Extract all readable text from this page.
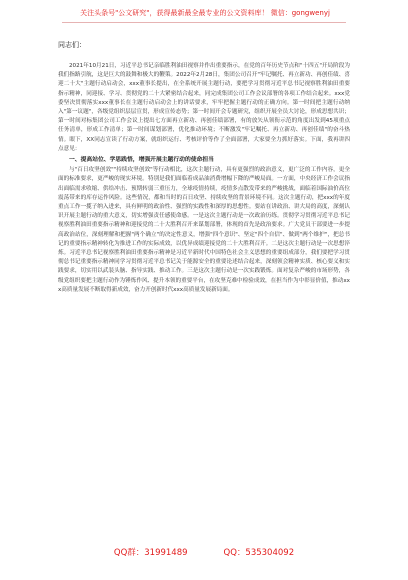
关注头条号"公文研究"，获得最新最全最专业的公文资料库！ 微信：gongwenyj
同志们：

2021年10月21日，习近平总书记亲临胜利油田视察并作出重要指示，在党的百年历史节点和"十四五"开局阶段为我们指路引航，这是巨大的鼓舞和极大的鞭策。2022年2月28日，集团公司召开"牢记嘱托、再立新功、再创佳绩、喜迎二十大"主题行动启动会，xxx董事长提出，在全系统开展主题行动，要把学习贯彻习近平总书记视察胜利油田重要指示精神，同迎接、学习、贯彻党的二十大紧密结合起来，同完成集团公司工作会议部署的各项工作结合起来。xxx党委坚决贯彻落实xxx董事长在主题行动启动会上的讲话要求，牢牢把握主题行动的正确方向。第一时间把主题行动纳入"第一议题"，各级党组织层层宣贯，形成宣传态势；第一时间开会专题研究，组织开展全员大讨论，形成思想共识；第一时间对标集团公司工作会议上提出七方面再立新功、再创佳绩部署，有的放矢从领衔示范的角度出发到45项重点任务清单，形成工作清单；第一时间谋划部署，优化推动环境；不断激发"牢记嘱托、再立新功、再创佳绩"的奋斗热情。眼下，XX同志宣读了行动方案，就组织运行、考核评价等作了全面部署，大家要全力抓好落实。下面，我再讲四点意见：

一、提高站位、学思践悟，增强开展主题行动的使命担当

与"百日攻坚创效""持续攻坚创效"等行动相比，这次主题行动，具有更强烈的政治意义，更广泛的工作内容，更全面的标准要求，更严峻的现实环境。特别是我们面临着成品油消费增幅下降的严峻局面。一方面，中央经济工作会议指出面临需求收缩、供给冲击、预期转弱三重压力，全球疫情持续，疫情多点散发带来的严峻挑战，面临着国际油价高位震荡带来的库存运作风险。这些情况，都和当时的百日攻坚、持续攻坚的背景环境不同。这次主题行动，把xxx的年度重点工作一揽子纳入进来，具有鲜明的政治性、强烈的实践性和深厚的思想性。要站在讲政治、讲大局的高度，深刻认识开展主题行动的重大意义，切实增强责任感使命感。一是这次主题行动是一次政治历练。贯彻学习贯彻习近平总书记视察胜利油田重要指示精神和迎接党的二十大胜利召开来谋划部署，体现的首先是政治要求。广大党员干部要进一步提高政治站位，深刻理解和把握"两个确立"的决定性意义，增强"四个意识"、坚定"四个自信"、做到"两个维护"，把总书记的重要指示精神转化为推进工作的实际成效，以优异成绩迎接党的二十大胜利召开。二是这次主题行动是一次思想淬炼。习近平总书记视察胜利油田重要指示精神是习近平新时代中国特色社会主义思想的重要组成部分，我们要把学习贯彻总书记重要指示精神同学习贯彻习近平总书记关于能源安全的重要论述结合起来，深刻领会精神实质、核心要义和实践要求，切实用以武装头脑、指导实践、推动工作。三是这次主题行动是一次实践锻炼。面对复杂严峻的市场形势，各级党组织要把主题行动作为锤炼作风、提升本领的重要平台，在攻坚克难中检验成效，在担当作为中彰显价值，推动xxx高质量发展不断取得新成效，奋力开创新时代xxx高质量发展新局面。

QQ群：31991489	QQ：535304092
